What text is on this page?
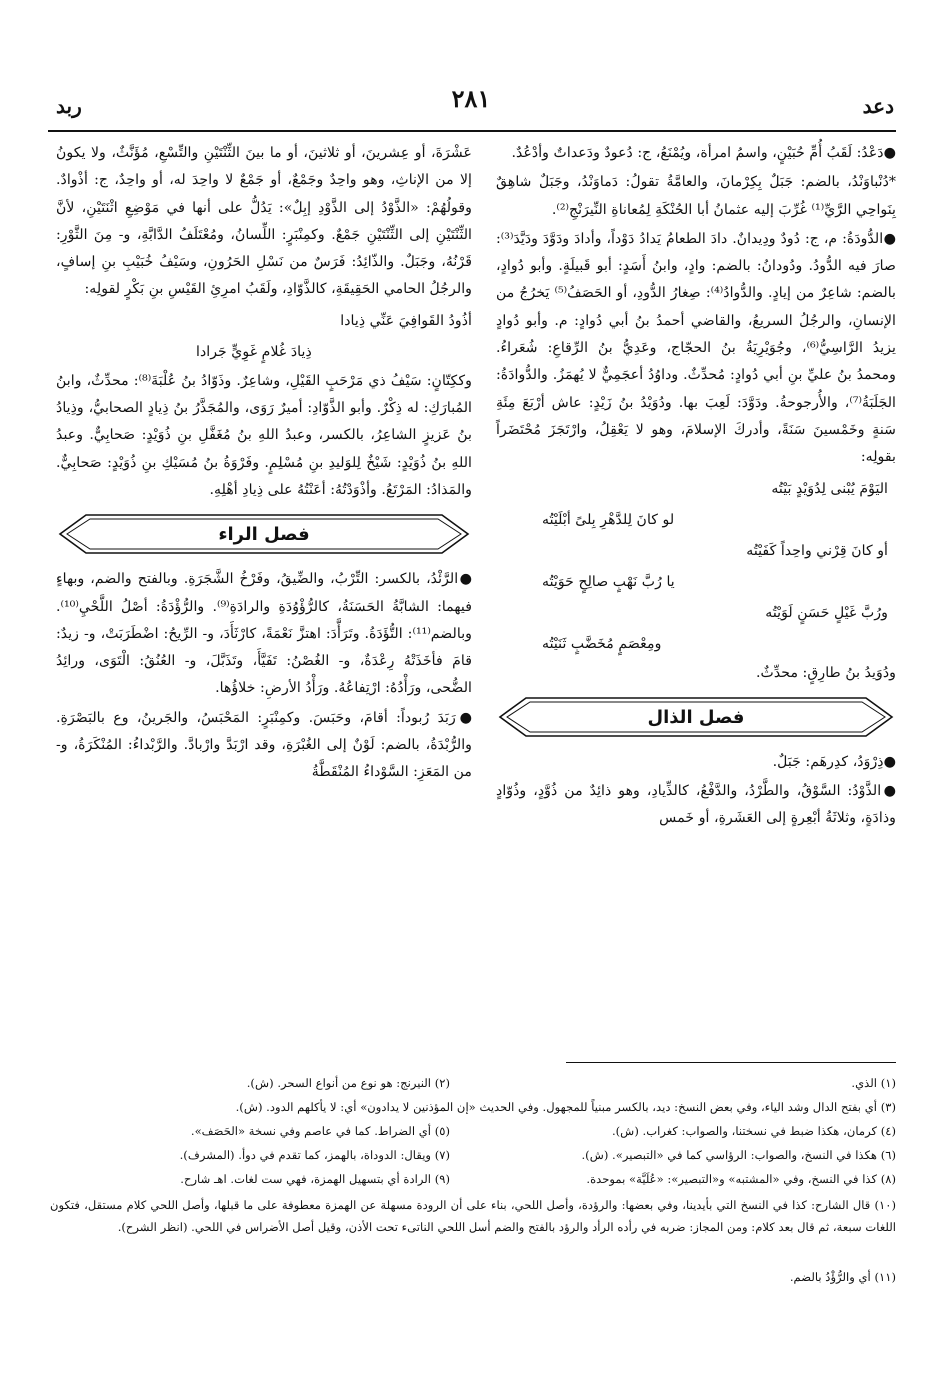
دعد
٢٨١
ربد

●دَعْدُ: لَقَبُ أُمِّ حُبَيْنٍ، واسمُ امرأة، ويُمْنَعُ، ج: دُعودٌ ودَعداتٌ وأدْعُدٌ.

*دُنْباوَنْدُ، بالضم: جَبَلٌ بِكِرْمانَ، والعامَّةُ تقولُ: دَماوَنْدُ، وجَبَلٌ شاهِقٌ بِنَواحِي الرَّيِّ⁽¹⁾ غُرِّبَ إليه عثمانُ أبا الحُنْكَةِ لِمُعاناةِ النِّيرَنْجِ⁽²⁾.

●الدُّودَةُ: م، ج: دُودٌ ودِيدانٌ. دادَ الطعامُ يَدادُ دَوْداً، وأدادَ ودَوَّدَ ودَيَّدَ⁽³⁾: صارَ فيه الدُّودُ. ودُودانُ: بالضم: وادٍ، وابنُ أَسَدٍ: أبو قَبيلَةٍ. وأبو دُوادٍ، بالضم: شاعِرٌ من إيادٍ. والدُّوادُ⁽⁴⁾: صِغارُ الدُّودِ، أو الحَصَفُ⁽⁵⁾ يَخرُجُ من الإنسانِ، والرجُلُ السريعُ، والقاضي أحمدُ بنُ أبي دُوادٍ: م. وأبو دُوادٍ يزيدُ الرَّاسِيُّ⁽⁶⁾، وجُوَيْرِيَةُ بنُ الحجّاج، وعَدِيُّ بنُ الرِّقاعِ: شُعَراءُ. ومحمدُ بنُ عليِّ بنِ أبي دُوادٍ: مُحدِّثٌ. وداوُدُ أعجَمِيٌّ لا يُهمَزُ. والدُّوادَةُ: الجَلَبَةُ⁽⁷⁾، والأُرجوحةُ. ودَوَّدَ: لَعِبَ بها. ودُوَيْدُ بنُ زَيْدٍ: عاش أرْبَعَ مِئَةِ سَنةٍ وخَمْسينَ سَنَةً، وأدركَ الإسلامَ، وهو لا يَعْقِلُ، وارْتَجَزَ مُحْتَضَراً بقولِه:

اليَوْمَ يُبْنى لِدُوَيْدٍ بَيْتُه
لو كانَ لِلدَّهْرِ بِلىً أبْلَيْتُه
أو كانَ قِرْني واحِداً كَفَيْتُه
يا رُبَّ نَهْبٍ صالِحٍ حَوَيْتُه
ورُبَّ غَيْلٍ حَسَنٍ لَوَيْتُه
ومِعْصَمٍ مُخَضَّبٍ ثَنَيْتُه

ودُوَيدُ بنُ طارِقٍ: محدِّثٌ.

فصل الذال

●ذِرْوَدُ، كدِرهَم: جَبَلٌ.

●الذَّوْدُ: السَّوْقُ، والطَّرْدُ، والدَّفْعُ، كالذِّيادِ، وهو ذائِدٌ من ذُوَّدٍ، وذُوّادٍ وذادَةٍ، وثلاثَةُ أبْعِرةٍ إلى العَشَرةِ، أو خَمس

عَشْرَةَ، أو عِشرينَ، أو ثلاثينَ، أو ما بينَ الثِّنْتَيْنِ والتِّسْعِ، مُؤَنَّثٌ، ولا يكونُ إلا من الإناثِ، وهو واحِدٌ وجَمْعٌ، أو جَمْعٌ لا واحِدَ له، أو واحِدٌ، ج: أذْوادٌ. وقولُهُمْ: «الذَّوْدُ إلى الذَّوْدِ إبِلٌ»: يَدُلُّ على أنها في مَوْضِعِ اثْنَتَيْنِ، لأنَّ الثِّنْتَيْنِ إلى الثِّنْتَيْنِ جَمْعٌ. وكمِنْبَرٍ: اللِّسانُ، ومُعْتَلَفُ الدَّابَّةِ، و- مِنَ الثَّوْرِ: قَرْنُهُ، وجَبَلٌ. والذّائِدُ: فَرَسٌ من نَسْلِ الحَرُونِ، وسَيْفُ خُبَيْبِ بنِ إسافٍ، والرجُلُ الحامي الحَقِيقَةِ، كالذَّوّادِ، ولَقَبُ امرِئِ القَيْسِ بنِ بَكْرٍ لقولِه:

أذُودُ القَوافِيَ عَنِّي ذِيادا
ذِيادَ غُلامٍ غَوِيٍّ جَرادا

وككِتّانٍ: سَيْفُ ذي مَرْحَبٍ القَيْلِ، وشاعِرٌ. وذَوّادُ بنُ عُلْبَةَ⁽⁸⁾: محدِّثٌ، وابنُ المُبارَكِ: له ذِكْرٌ. وأبو الذَّوّادِ: أميرٌ رَوَى، والمُجَذَّرُ بنُ ذِيادٍ الصحابيُّ، وذِيادُ بنُ عَزيزٍ الشاعِرُ، بالكسر، وعبدُ اللهِ بنُ مُغَفَّلِ بنِ ذُوَيْدٍ: صَحابِيٌّ. وعبدُ اللهِ بنُ ذُوَيْدٍ: شَيْخٌ لِلوَليدِ بنِ مُسْلِمٍ. وفَرْوَةُ بنُ مُسَيْكِ بنِ ذُوَيْدٍ: صَحابِيٌّ. والمَذادُ: المَرْتَعُ. وأذْوَدْتُهُ: أعَنْتُهُ على ذِيادِ أهْلِهِ.

فصل الراء

●الرَّئْدُ، بالكسر: التِّرْبُ، والضِّيقُ، وفَرْخُ الشَّجَرَةِ. وبالفتح والضم، وبهاءٍ فيهما: الشابَّةُ الحَسَنَةُ، كالرُّؤْوُدَةِ والرادَةِ⁽⁹⁾. والرُّؤْدَةُ: أصْلُ اللَّحْيِ⁽¹⁰⁾. وبالضم⁽¹¹⁾: التُّؤَدَةُ. وتَرَأَّدَ: اهتزَّ نَعْمَةً، كارْثَأَدَ، و- الرِّيحُ: اضْطَرَبَتْ، و- زيدٌ: قامَ فأخَذَتْهُ رِعْدَةٌ، و- الغُصْنُ: تَفَيَّأَ، وتَذَبَّلَ، و- العُنُقُ: الْتَوَى، ورائِدُ الضُّحى، ورَأْدُهُ: ارْتِفاعُهُ. ورَأْدُ الأرضِ: خلاؤُها.

●رَبَدَ رُبوداً: أقامَ، وحَبَسَ. وكمِنْبَرٍ: المَحْبَسُ، والجَرينُ، وع بالبَصْرَةِ. والرُّبْدَةُ، بالضم: لَوْنٌ إلى الغُبْرَةِ، وقد ارْبَدَّ وارْبادَّ. والرَّبْداءُ: المُنْكَرَةُ، و- من المَعَزِ: السَّوْداءُ المُنْقَطَّةُ

(١) الذي.
(٢) النيرنج: هو نوع من أنواع السحر. (ش).
(٣) أي بفتح الدال وشد الياء، وفي بعض النسخ: ديد، بالكسر مبنياً للمجهول. وفي الحديث «إن المؤذنين لا يدادون» أي: لا يأكلهم الدود. (ش).
(٤) كرمان، هكذا ضبط في نسختنا، والصواب: كغراب. (ش).
(٥) أي الضراط. كما في عاصم وفي نسخة «الحَصَف».
(٦) هكذا في النسخ، والصواب: الرؤاسي كما في «التبصير». (ش).
(٧) ويقال: الدوداة، بالهمز، كما تقدم في دوأ. (المشرف).
(٨) كذا في النسخ، وفي «المشتبه» و«التبصير»: «عُلَيَّة» بموحدة.
(٩) الرادة أي بتسهيل الهمزة، فهي ست لغات. اهـ شارح.
(١٠) قال الشارح: كذا في النسخ التي بأيدينا، وفي بعضها: والرؤدة، وأصل اللحي، بناء على أن الرودة مسهلة عن الهمزة معطوفة على ما قبلها، وأصل اللحي كلام مستقل، فتكون اللغات سبعة، ثم قال بعد كلام: ومن المجاز: ضربه في رأده الرأد والرؤد بالفتح والضم أسل اللحي الناتىء تحت الأذن، وقيل أصل الأضراس في اللحي. (انظر الشرح).
(١١) أي والرُّؤْدُ بالضم.
